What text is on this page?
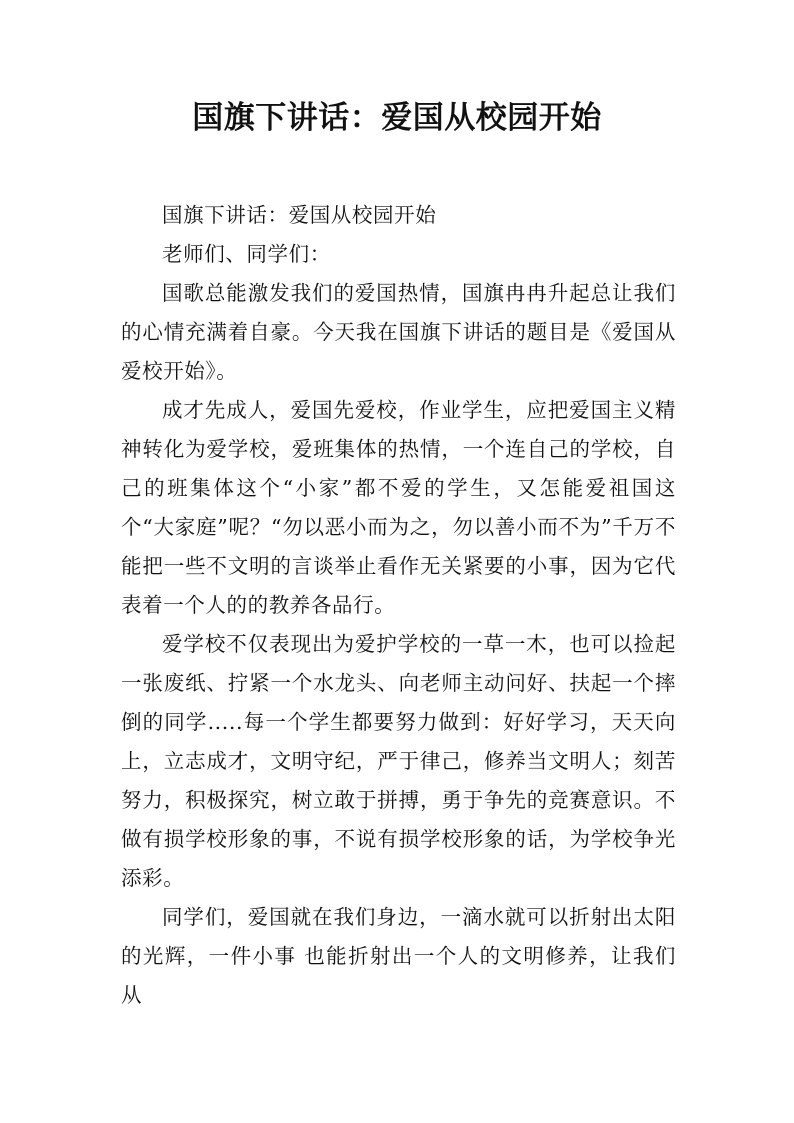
国旗下讲话：爱国从校园开始

国旗下讲话：爱国从校园开始

老师们、同学们：

国歌总能激发我们的爱国热情，国旗冉冉升起总让我们的心情充满着自豪。今天我在国旗下讲话的题目是《爱国从爱校开始》。

成才先成人，爱国先爱校，作业学生，应把爱国主义精神转化为爱学校，爱班集体的热情，一个连自己的学校，自己的班集体这个“小家”都不爱的学生，又怎能爱祖国这个“大家庭”呢？“勿以恶小而为之，勿以善小而不为”千万不能把一些不文明的言谈举止看作无关紧要的小事，因为它代表着一个人的的教养各品行。

爱学校不仅表现出为爱护学校的一草一木，也可以捡起一张废纸、拧紧一个水龙头、向老师主动问好、扶起一个摔倒的同学.....每一个学生都要努力做到：好好学习，天天向上，立志成才，文明守纪，严于律己，修养当文明人；刻苦努力，积极探究，树立敢于拼搏，勇于争先的竞赛意识。不做有损学校形象的事，不说有损学校形象的话，为学校争光添彩。

同学们，爱国就在我们身边，一滴水就可以折射出太阳的光辉，一件小事 也能折射出一个人的文明修养，让我们从
